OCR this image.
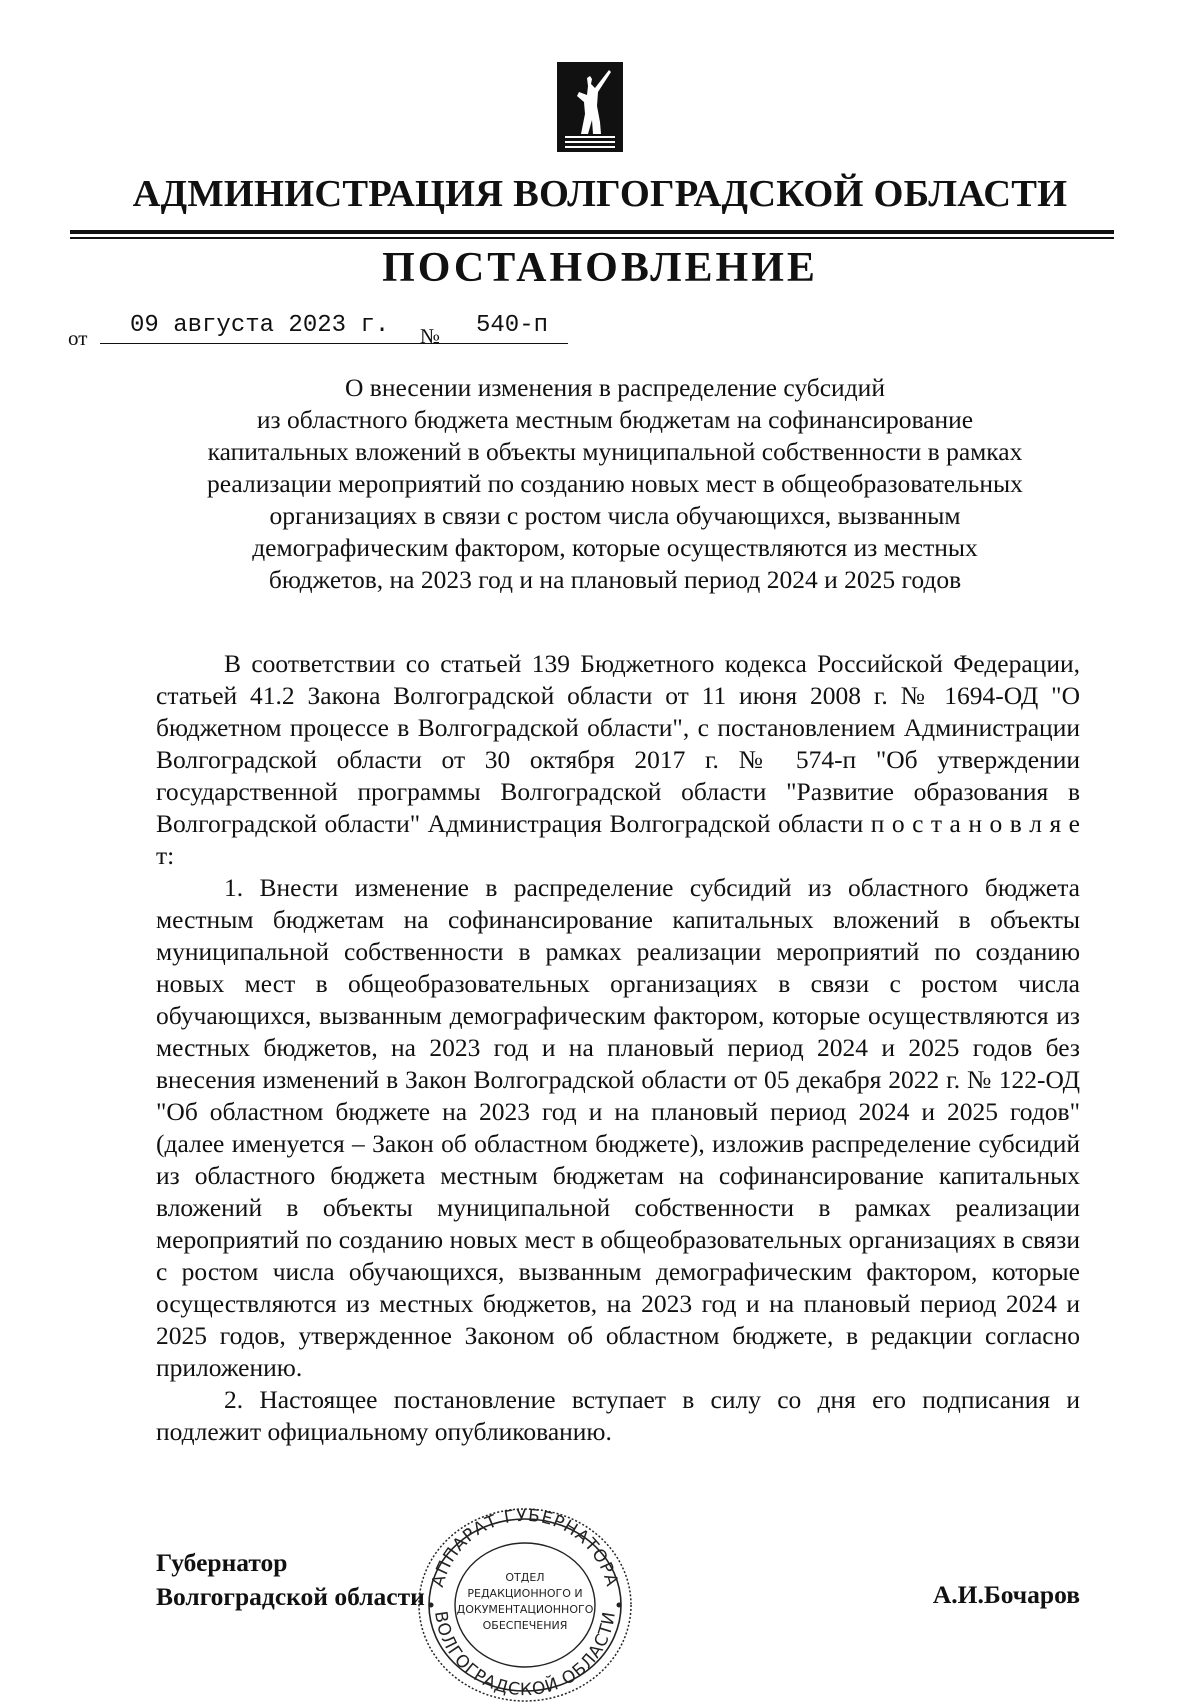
АДМИНИСТРАЦИЯ ВОЛГОГРАДСКОЙ ОБЛАСТИ
ПОСТАНОВЛЕНИЕ
от	09 августа 2023 г.	№	540-п
О внесении изменения в распределение субсидий
из областного бюджета местным бюджетам на софинансирование
капитальных вложений в объекты муниципальной собственности в рамках
реализации мероприятий по созданию новых мест в общеобразовательных
организациях в связи с ростом числа обучающихся, вызванным
демографическим фактором, которые осуществляются из местных
бюджетов, на 2023 год и на плановый период 2024 и 2025 годов

В соответствии со статьей 139 Бюджетного кодекса Российской Федерации, статьей 41.2 Закона Волгоградской области от 11 июня 2008 г. № 1694-ОД "О бюджетном процессе в Волгоградской области", с постановлением Администрации Волгоградской области от 30 октября 2017 г. № 574-п "Об утверждении государственной программы Волгоградской области "Развитие образования в Волгоградской области" Администрация Волгоградской области п о с т а н о в л я е т:

1. Внести изменение в распределение субсидий из областного бюджета местным бюджетам на софинансирование капитальных вложений в объекты муниципальной собственности в рамках реализации мероприятий по созданию новых мест в общеобразовательных организациях в связи с ростом числа обучающихся, вызванным демографическим фактором, которые осуществляются из местных бюджетов, на 2023 год и на плановый период 2024 и 2025 годов без внесения изменений в Закон Волгоградской области от 05 декабря 2022 г. № 122-ОД "Об областном бюджете на 2023 год и на плановый период 2024 и 2025 годов" (далее именуется – Закон об областном бюджете), изложив распределение субсидий из областного бюджета местным бюджетам на софинансирование капитальных вложений в объекты муниципальной собственности в рамках реализации мероприятий по созданию новых мест в общеобразовательных организациях в связи с ростом числа обучающихся, вызванным демографическим фактором, которые осуществляются из местных бюджетов, на 2023 год и на плановый период 2024 и 2025 годов, утвержденное Законом об областном бюджете, в редакции согласно приложению.

2. Настоящее постановление вступает в силу со дня его подписания и подлежит официальному опубликованию.

Губернатор
Волгоградской области	А.И.Бочаров
АППАРАТ ГУБЕРНАТОРА
ВОЛГОГРАДСКОЙ ОБЛАСТИ
ОТДЕЛ
РЕДАКЦИОННОГО И
ДОКУМЕНТАЦИОННОГО
ОБЕСПЕЧЕНИЯ
